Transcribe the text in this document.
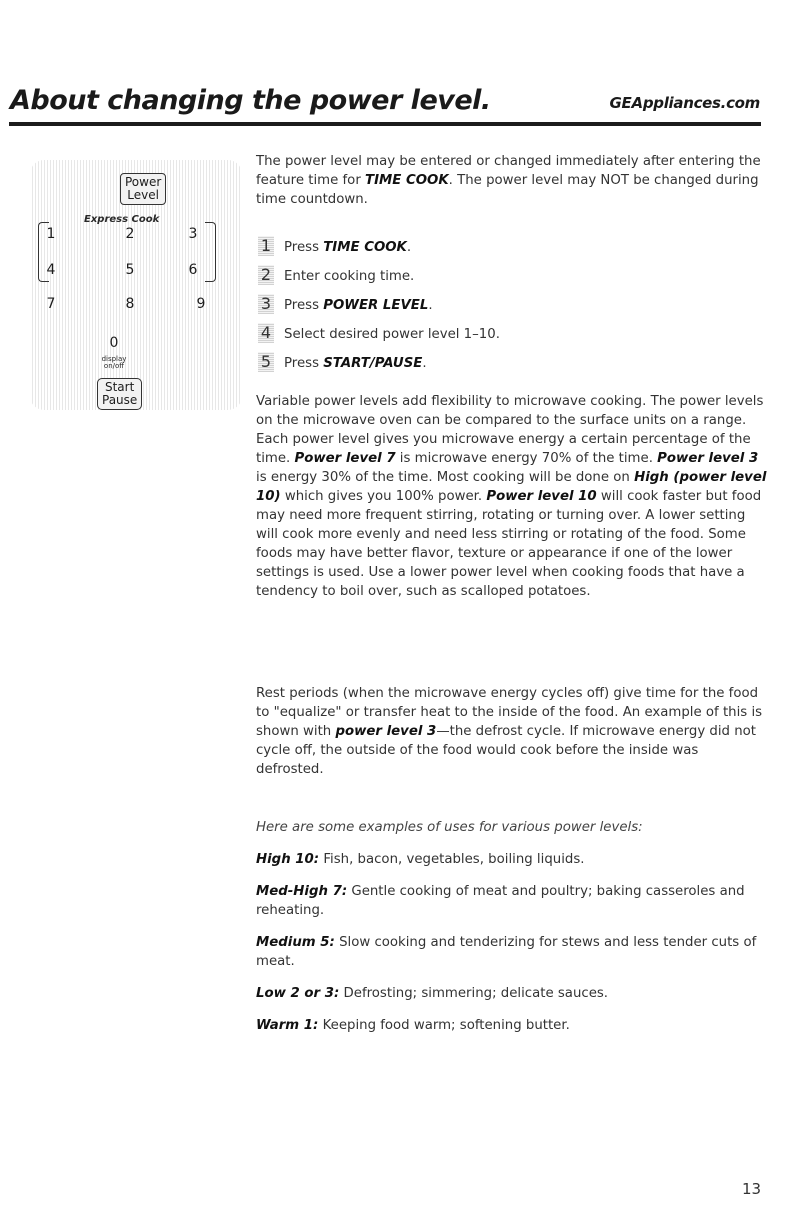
About changing the power level.	GEAppliances.com
Power
Level
Express Cook
1	2	3
4	5	6
7	8	9
0
display
on/off
Start
Pause

The power level may be entered or changed immediately after entering the feature time for TIME COOK. The power level may NOT be changed during time countdown.

1 Press TIME COOK.
2 Enter cooking time.
3 Press POWER LEVEL.
4 Select desired power level 1–10.
5 Press START/PAUSE.

Variable power levels add flexibility to microwave cooking. The power levels on the microwave oven can be compared to the surface units on a range. Each power level gives you microwave energy a certain percentage of the time. Power level 7 is microwave energy 70% of the time. Power level 3 is energy 30% of the time. Most cooking will be done on High (power level 10) which gives you 100% power. Power level 10 will cook faster but food may need more frequent stirring, rotating or turning over. A lower setting will cook more evenly and need less stirring or rotating of the food. Some foods may have better flavor, texture or appearance if one of the lower settings is used. Use a lower power level when cooking foods that have a tendency to boil over, such as scalloped potatoes.

Rest periods (when the microwave energy cycles off) give time for the food to "equalize" or transfer heat to the inside of the food. An example of this is shown with power level 3—the defrost cycle. If microwave energy did not cycle off, the outside of the food would cook before the inside was defrosted.

Here are some examples of uses for various power levels:

High 10: Fish, bacon, vegetables, boiling liquids.

Med-High 7: Gentle cooking of meat and poultry; baking casseroles and reheating.

Medium 5: Slow cooking and tenderizing for stews and less tender cuts of meat.

Low 2 or 3: Defrosting; simmering; delicate sauces.

Warm 1: Keeping food warm; softening butter.

13
